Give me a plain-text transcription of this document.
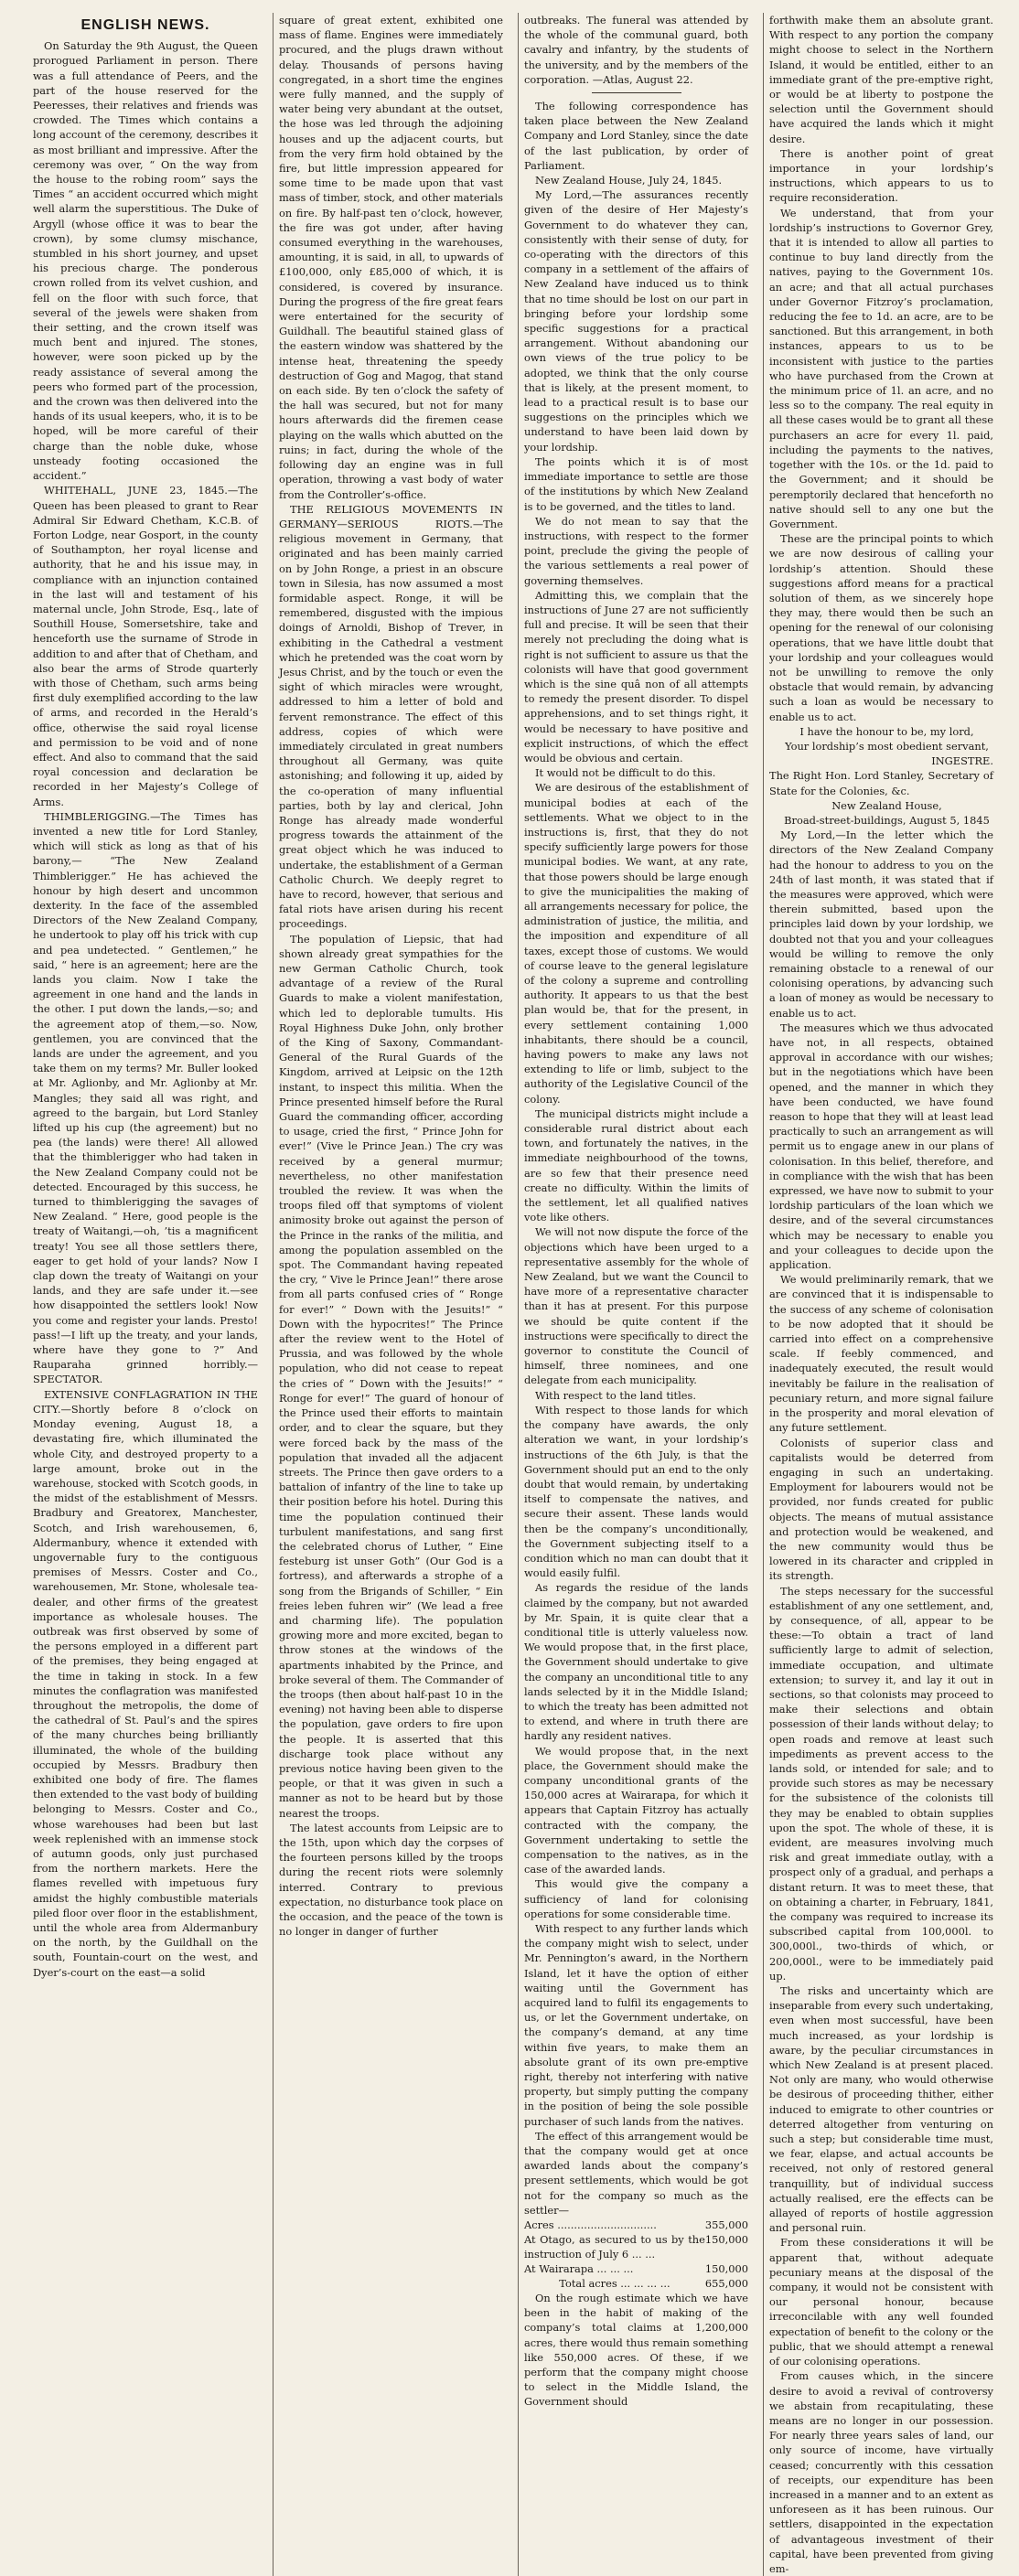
ENGLISH NEWS.

On Saturday the 9th August, the Queen prorogued Parliament in person. There was a full attendance of Peers, and the part of the house reserved for the Peeresses, their relatives and friends was crowded. The Times which contains a long account of the ceremony, describes it as most brilliant and impressive. After the ceremony was over, “ On the way from the house to the robing room” says the Times “ an accident occurred which might well alarm the superstitious. The Duke of Argyll (whose office it was to bear the crown), by some clumsy mischance, stumbled in his short journey, and upset his precious charge. The ponderous crown rolled from its velvet cushion, and fell on the floor with such force, that several of the jewels were shaken from their setting, and the crown itself was much bent and injured. The stones, however, were soon picked up by the ready assistance of several among the peers who formed part of the procession, and the crown was then delivered into the hands of its usual keepers, who, it is to be hoped, will be more careful of their charge than the noble duke, whose unsteady footing occasioned the accident.”

WHITEHALL, JUNE 23, 1845.—The Queen has been pleased to grant to Rear Admiral Sir Edward Chetham, K.C.B. of Forton Lodge, near Gosport, in the county of Southampton, her royal license and authority, that he and his issue may, in compliance with an injunction contained in the last will and testament of his maternal uncle, John Strode, Esq., late of Southill House, Somersetshire, take and henceforth use the surname of Strode in addition to and after that of Chetham, and also bear the arms of Strode quarterly with those of Chetham, such arms being first duly exemplified according to the law of arms, and recorded in the Herald’s office, otherwise the said royal license and permission to be void and of none effect. And also to command that the said royal concession and declaration be recorded in her Majesty’s College of Arms.

THIMBLERIGGING.—The Times has invented a new title for Lord Stanley, which will stick as long as that of his barony,— “The New Zealand Thimblerigger.” He has achieved the honour by high desert and uncommon dexterity. In the face of the assembled Directors of the New Zealand Company, he undertook to play off his trick with cup and pea undetected. “ Gentlemen,” he said, “ here is an agreement; here are the lands you claim. Now I take the agreement in one hand and the lands in the other. I put down the lands,—so; and the agreement atop of them,—so. Now, gentlemen, you are convinced that the lands are under the agreement, and you take them on my terms? Mr. Buller looked at Mr. Aglionby, and Mr. Aglionby at Mr. Mangles; they said all was right, and agreed to the bargain, but Lord Stanley lifted up his cup (the agreement) but no pea (the lands) were there! All allowed that the thimblerigger who had taken in the New Zealand Company could not be detected. Encouraged by this success, he turned to thimblerigging the savages of New Zealand. “ Here, good people is the treaty of Waitangi,—oh, ’tis a magnificent treaty! You see all those settlers there, eager to get hold of your lands? Now I clap down the treaty of Waitangi on your lands, and they are safe under it.—see how disappointed the settlers look! Now you come and register your lands. Presto! pass!—I lift up the treaty, and your lands, where have they gone to ?” And Rauparaha grinned horribly.—SPECTATOR.

EXTENSIVE CONFLAGRATION IN THE CITY.—Shortly before 8 o’clock on Monday evening, August 18, a devastating fire, which illuminated the whole City, and destroyed property to a large amount, broke out in the warehouse, stocked with Scotch goods, in the midst of the establishment of Messrs. Bradbury and Greatorex, Manchester, Scotch, and Irish warehousemen, 6, Aldermanbury, whence it extended with ungovernable fury to the contiguous premises of Messrs. Coster and Co., warehousemen, Mr. Stone, wholesale tea-dealer, and other firms of the greatest importance as wholesale houses. The outbreak was first observed by some of the persons employed in a different part of the premises, they being engaged at the time in taking in stock. In a few minutes the conflagration was manifested throughout the metropolis, the dome of the cathedral of St. Paul’s and the spires of the many churches being brilliantly illuminated, the whole of the building occupied by Messrs. Bradbury then exhibited one body of fire. The flames then extended to the vast body of building belonging to Messrs. Coster and Co., whose warehouses had been but last week replenished with an immense stock of autumn goods, only just purchased from the northern markets. Here the flames revelled with impetuous fury amidst the highly combustible materials piled floor over floor in the establishment, until the whole area from Aldermanbury on the north, by the Guildhall on the south, Fountain-court on the west, and Dyer’s-court on the east—a solid

square of great extent, exhibited one mass of flame. Engines were immediately procured, and the plugs drawn without delay. Thousands of persons having congregated, in a short time the engines were fully manned, and the supply of water being very abundant at the outset, the hose was led through the adjoining houses and up the adjacent courts, but from the very firm hold obtained by the fire, but little impression appeared for some time to be made upon that vast mass of timber, stock, and other materials on fire. By half-past ten o’clock, however, the fire was got under, after having consumed everything in the warehouses, amounting, it is said, in all, to upwards of £100,000, only £85,000 of which, it is considered, is covered by insurance. During the progress of the fire great fears were entertained for the security of Guildhall. The beautiful stained glass of the eastern window was shattered by the intense heat, threatening the speedy destruction of Gog and Magog, that stand on each side. By ten o’clock the safety of the hall was secured, but not for many hours afterwards did the firemen cease playing on the walls which abutted on the ruins; in fact, during the whole of the following day an engine was in full operation, throwing a vast body of water from the Controller’s-office.

THE RELIGIOUS MOVEMENTS IN GERMANY—SERIOUS RIOTS.—The religious movement in Germany, that originated and has been mainly carried on by John Ronge, a priest in an obscure town in Silesia, has now assumed a most formidable aspect. Ronge, it will be remembered, disgusted with the impious doings of Arnoldi, Bishop of Trever, in exhibiting in the Cathedral a vestment which he pretended was the coat worn by Jesus Christ, and by the touch or even the sight of which miracles were wrought, addressed to him a letter of bold and fervent remonstrance. The effect of this address, copies of which were immediately circulated in great numbers throughout all Germany, was quite astonishing; and following it up, aided by the co-operation of many influential parties, both by lay and clerical, John Ronge has already made wonderful progress towards the attainment of the great object which he was induced to undertake, the establishment of a German Catholic Church. We deeply regret to have to record, however, that serious and fatal riots have arisen during his recent proceedings.

The population of Liepsic, that had shown already great sympathies for the new German Catholic Church, took advantage of a review of the Rural Guards to make a violent manifestation, which led to deplorable tumults. His Royal Highness Duke John, only brother of the King of Saxony, Commandant-General of the Rural Guards of the Kingdom, arrived at Leipsic on the 12th instant, to inspect this militia. When the Prince presented himself before the Rural Guard the commanding officer, according to usage, cried the first, “ Prince John for ever!” (Vive le Prince Jean.) The cry was received by a general murmur; nevertheless, no other manifestation troubled the review. It was when the troops filed off that symptoms of violent animosity broke out against the person of the Prince in the ranks of the militia, and among the population assembled on the spot. The Commandant having repeated the cry, “ Vive le Prince Jean!” there arose from all parts confused cries of “ Ronge for ever!” “ Down with the Jesuits!” “ Down with the hypocrites!” The Prince after the review went to the Hotel of Prussia, and was followed by the whole population, who did not cease to repeat the cries of “ Down with the Jesuits!” “ Ronge for ever!” The guard of honour of the Prince used their efforts to maintain order, and to clear the square, but they were forced back by the mass of the population that invaded all the adjacent streets. The Prince then gave orders to a battalion of infantry of the line to take up their position before his hotel. During this time the population continued their turbulent manifestations, and sang first the celebrated chorus of Luther, “ Eine festeburg ist unser Goth” (Our God is a fortress), and afterwards a strophe of a song from the Brigands of Schiller, “ Ein freies leben fuhren wir” (We lead a free and charming life). The population growing more and more excited, began to throw stones at the windows of the apartments inhabited by the Prince, and broke several of them. The Commander of the troops (then about half-past 10 in the evening) not having been able to disperse the population, gave orders to fire upon the people. It is asserted that this discharge took place without any previous notice having been given to the people, or that it was given in such a manner as not to be heard but by those nearest the troops.

The latest accounts from Leipsic are to the 15th, upon which day the corpses of the fourteen persons killed by the troops during the recent riots were solemnly interred. Contrary to previous expectation, no disturbance took place on the occasion, and the peace of the town is no longer in danger of further

outbreaks. The funeral was attended by the whole of the communal guard, both cavalry and infantry, by the students of the university, and by the members of the corporation. —Atlas, August 22.

The following correspondence has taken place between the New Zealand Company and Lord Stanley, since the date of the last publication, by order of Parliament.

New Zealand House, July 24, 1845.

My Lord,—The assurances recently given of the desire of Her Majesty’s Government to do whatever they can, consistently with their sense of duty, for co-operating with the directors of this company in a settlement of the affairs of New Zealand have induced us to think that no time should be lost on our part in bringing before your lordship some specific suggestions for a practical arrangement. Without abandoning our own views of the true policy to be adopted, we think that the only course that is likely, at the present moment, to lead to a practical result is to base our suggestions on the principles which we understand to have been laid down by your lordship.

The points which it is of most immediate importance to settle are those of the institutions by which New Zealand is to be governed, and the titles to land.

We do not mean to say that the instructions, with respect to the former point, preclude the giving the people of the various settlements a real power of governing themselves.

Admitting this, we complain that the instructions of June 27 are not sufficiently full and precise. It will be seen that their merely not precluding the doing what is right is not sufficient to assure us that the colonists will have that good government which is the sine quâ non of all attempts to remedy the present disorder. To dispel apprehensions, and to set things right, it would be necessary to have positive and explicit instructions, of which the effect would be obvious and certain.

It would not be difficult to do this.

We are desirous of the establishment of municipal bodies at each of the settlements. What we object to in the instructions is, first, that they do not specify sufficiently large powers for those municipal bodies. We want, at any rate, that those powers should be large enough to give the municipalities the making of all arrangements necessary for police, the administration of justice, the militia, and the imposition and expenditure of all taxes, except those of customs. We would of course leave to the general legislature of the colony a supreme and controlling authority. It appears to us that the best plan would be, that for the present, in every settlement containing 1,000 inhabitants, there should be a council, having powers to make any laws not extending to life or limb, subject to the authority of the Legislative Council of the colony.

The municipal districts might include a considerable rural district about each town, and fortunately the natives, in the immediate neighbourhood of the towns, are so few that their presence need create no difficulty. Within the limits of the settlement, let all qualified natives vote like others.

We will not now dispute the force of the objections which have been urged to a representative assembly for the whole of New Zealand, but we want the Council to have more of a representative character than it has at present. For this purpose we should be quite content if the instructions were specifically to direct the governor to constitute the Council of himself, three nominees, and one delegate from each municipality.

With respect to the land titles.

With respect to those lands for which the company have awards, the only alteration we want, in your lordship’s instructions of the 6th July, is that the Government should put an end to the only doubt that would remain, by undertaking itself to compensate the natives, and secure their assent. These lands would then be the company’s unconditionally, the Government subjecting itself to a condition which no man can doubt that it would easily fulfil.

As regards the residue of the lands claimed by the company, but not awarded by Mr. Spain, it is quite clear that a conditional title is utterly valueless now. We would propose that, in the first place, the Government should undertake to give the company an unconditional title to any lands selected by it in the Middle Island; to which the treaty has been admitted not to extend, and where in truth there are hardly any resident natives.

We would propose that, in the next place, the Government should make the company unconditional grants of the 150,000 acres at Wairarapa, for which it appears that Captain Fitzroy has actually contracted with the company, the Government undertaking to settle the compensation to the natives, as in the case of the awarded lands.

This would give the company a sufficiency of land for colonising operations for some considerable time.

With respect to any further lands which the company might wish to select, under Mr. Pennington’s award, in the Northern Island, let it have the option of either waiting until the Government has acquired land to fulfil its engagements to us, or let the Government undertake, on the company’s demand, at any time within five years, to make them an absolute grant of its own pre-emptive right, thereby not interfering with native property, but simply putting the company in the position of being the sole possible purchaser of such lands from the natives.

The effect of this arrangement would be that the company would get at once awarded lands about the company’s present settlements, which would be got not for the company so much as the settler—

Acres ..............................	355,000
At Otago, as secured to us by the instruction of July 6 ... ...	150,000
At Wairarapa ... ... ...	150,000
Total acres ... ... ... ...	655,000

On the rough estimate which we have been in the habit of making of the company’s total claims at 1,200,000 acres, there would thus remain something like 550,000 acres. Of these, if we perform that the company might choose to select in the Middle Island, the Government should

forthwith make them an absolute grant. With respect to any portion the company might choose to select in the Northern Island, it would be entitled, either to an immediate grant of the pre-emptive right, or would be at liberty to postpone the selection until the Government should have acquired the lands which it might desire.

There is another point of great importance in your lordship’s instructions, which appears to us to require reconsideration.

We understand, that from your lordship’s instructions to Governor Grey, that it is intended to allow all parties to continue to buy land directly from the natives, paying to the Government 10s. an acre; and that all actual purchases under Governor Fitzroy’s proclamation, reducing the fee to 1d. an acre, are to be sanctioned. But this arrangement, in both instances, appears to us to be inconsistent with justice to the parties who have purchased from the Crown at the minimum price of 1l. an acre, and no less so to the company. The real equity in all these cases would be to grant all these purchasers an acre for every 1l. paid, including the payments to the natives, together with the 10s. or the 1d. paid to the Government; and it should be peremptorily declared that henceforth no native should sell to any one but the Government.

These are the principal points to which we are now desirous of calling your lordship’s attention. Should these suggestions afford means for a practical solution of them, as we sincerely hope they may, there would then be such an opening for the renewal of our colonising operations, that we have little doubt that your lordship and your colleagues would not be unwilling to remove the only obstacle that would remain, by advancing such a loan as would be necessary to enable us to act.

I have the honour to be, my lord,

Your lordship’s most obedient servant,

INGESTRE.

The Right Hon. Lord Stanley, Secretary of State for the Colonies, &c.

New Zealand House,

Broad-street-buildings, August 5, 1845

My Lord,—In the letter which the directors of the New Zealand Company had the honour to address to you on the 24th of last month, it was stated that if the measures were approved, which were therein submitted, based upon the principles laid down by your lordship, we doubted not that you and your colleagues would be willing to remove the only remaining obstacle to a renewal of our colonising operations, by advancing such a loan of money as would be necessary to enable us to act.

The measures which we thus advocated have not, in all respects, obtained approval in accordance with our wishes; but in the negotiations which have been opened, and the manner in which they have been conducted, we have found reason to hope that they will at least lead practically to such an arrangement as will permit us to engage anew in our plans of colonisation. In this belief, therefore, and in compliance with the wish that has been expressed, we have now to submit to your lordship particulars of the loan which we desire, and of the several circumstances which may be necessary to enable you and your colleagues to decide upon the application.

We would preliminarily remark, that we are convinced that it is indispensable to the success of any scheme of colonisation to be now adopted that it should be carried into effect on a comprehensive scale. If feebly commenced, and inadequately executed, the result would inevitably be failure in the realisation of pecuniary return, and more signal failure in the prosperity and moral elevation of any future settlement.

Colonists of superior class and capitalists would be deterred from engaging in such an undertaking. Employment for labourers would not be provided, nor funds created for public objects. The means of mutual assistance and protection would be weakened, and the new community would thus be lowered in its character and crippled in its strength.

The steps necessary for the successful establishment of any one settlement, and, by consequence, of all, appear to be these:—To obtain a tract of land sufficiently large to admit of selection, immediate occupation, and ultimate extension; to survey it, and lay it out in sections, so that colonists may proceed to make their selections and obtain possession of their lands without delay; to open roads and remove at least such impediments as prevent access to the lands sold, or intended for sale; and to provide such stores as may be necessary for the subsistence of the colonists till they may be enabled to obtain supplies upon the spot. The whole of these, it is evident, are measures involving much risk and great immediate outlay, with a prospect only of a gradual, and perhaps a distant return. It was to meet these, that on obtaining a charter, in February, 1841, the company was required to increase its subscribed capital from 100,000l. to 300,000l., two-thirds of which, or 200,000l., were to be immediately paid up.

The risks and uncertainty which are inseparable from every such undertaking, even when most successful, have been much increased, as your lordship is aware, by the peculiar circumstances in which New Zealand is at present placed. Not only are many, who would otherwise be desirous of proceeding thither, either induced to emigrate to other countries or deterred altogether from venturing on such a step; but considerable time must, we fear, elapse, and actual accounts be received, not only of restored general tranquillity, but of individual success actually realised, ere the effects can be allayed of reports of hostile aggression and personal ruin.

From these considerations it will be apparent that, without adequate pecuniary means at the disposal of the company, it would not be consistent with our personal honour, because irreconcilable with any well founded expectation of benefit to the colony or the public, that we should attempt a renewal of our colonising operations.

From causes which, in the sincere desire to avoid a revival of controversy we abstain from recapitulating, these means are no longer in our possession. For nearly three years sales of land, our only source of income, have virtually ceased; concurrently with this cessation of receipts, our expenditure has been increased in a manner and to an extent as unforeseen as it has been ruinous. Our settlers, disappointed in the expectation of advantageous investment of their capital, have been prevented from giving em-
